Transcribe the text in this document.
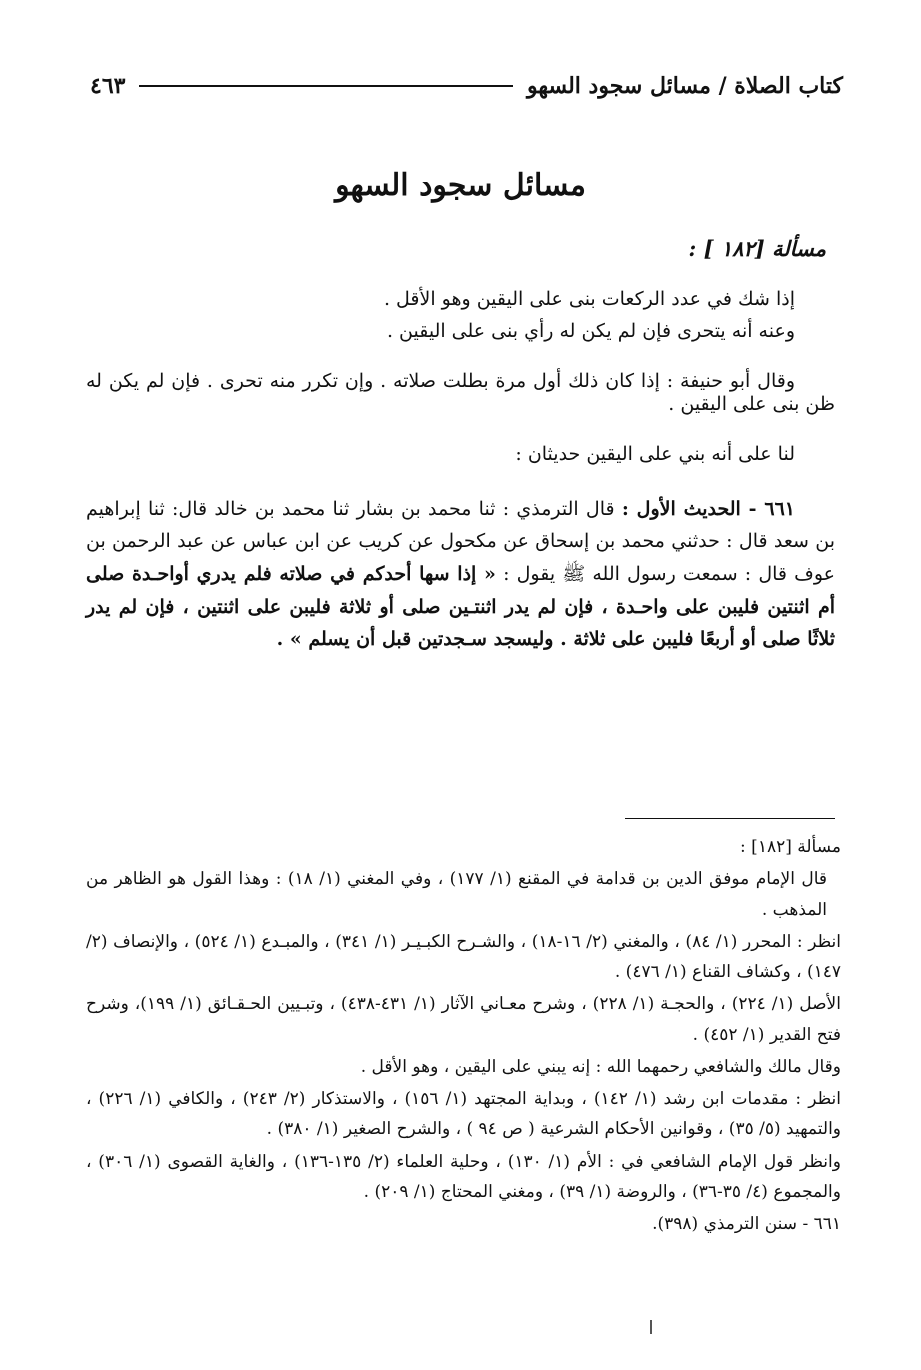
كتاب الصلاة / مسائل سجود السهو
٤٦٣
مسائل سجود السهو
مسألة [١٨٢ ] :

إذا شك في عدد الركعات بنى على اليقين وهو الأقل .

وعنه أنه يتحرى فإن لم يكن له رأي بنى على اليقين .

وقال أبو حنيفة : إذا كان ذلك أول مرة بطلت صلاته . وإن تكرر منه تحرى . فإن لم يكن له ظن بنى على اليقين .

لنا على أنه بني على اليقين حديثان :

٦٦١ - الحديث الأول : قال الترمذي : ثنا محمد بن بشار ثنا محمد بن خالد قال: ثنا إبراهيم بن سعد قال : حدثني محمد بن إسحاق عن مكحول عن كريب عن ابن عباس عن عبد الرحمن بن عوف قال : سمعت رسول الله ﷺ يقول : « إذا سها أحدكم في صلاته فلم يدري أواحـدة صلى أم اثنتين فليبن على واحـدة ، فإن لم يدر اثنتـين صلى أو ثلاثة فليبن على اثنتين ، فإن لم يدر ثلاثًا صلى أو أربعًا فليبن على ثلاثة . وليسجد سـجدتين قبل أن يسلم » .

مسألة [١٨٢] :

قال الإمام موفق الدين بن قدامة في المقنع (١/ ١٧٧) ، وفي المغني (١/ ١٨) : وهذا القول هو الظاهر من المذهب .

انظر : المحرر (١/ ٨٤) ، والمغني (٢/ ١٦-١٨) ، والشـرح الكبـيـر (١/ ٣٤١) ، والمبـدع (١/ ٥٢٤) ، والإنصاف (٢/ ١٤٧) ، وكشاف القناع (١/ ٤٧٦) .

الأصل (١/ ٢٢٤) ، والحجـة (١/ ٢٢٨) ، وشرح معـاني الآثار (١/ ٤٣١-٤٣٨) ، وتبـيين الحـقـائق (١/ ١٩٩)، وشرح فتح القدير (١/ ٤٥٢) .

وقال مالك والشافعي رحمهما الله : إنه يبني على اليقين ، وهو الأقل .

انظر : مقدمات ابن رشد (١/ ١٤٢) ، وبداية المجتهد (١/ ١٥٦) ، والاستذكار (٢/ ٢٤٣) ، والكافي (١/ ٢٢٦) ، والتمهيد (٥/ ٣٥) ، وقوانين الأحكام الشرعية ( ص ٩٤ ) ، والشرح الصغير (١/ ٣٨٠) .

وانظر قول الإمام الشافعي في : الأم (١/ ١٣٠) ، وحلية العلماء (٢/ ١٣٥-١٣٦) ، والغاية القصوى (١/ ٣٠٦) ، والمجموع (٤/ ٣٥-٣٦) ، والروضة (١/ ٣٩) ، ومغني المحتاج (١/ ٢٠٩) .

٦٦١ - سنن الترمذي (٣٩٨).
